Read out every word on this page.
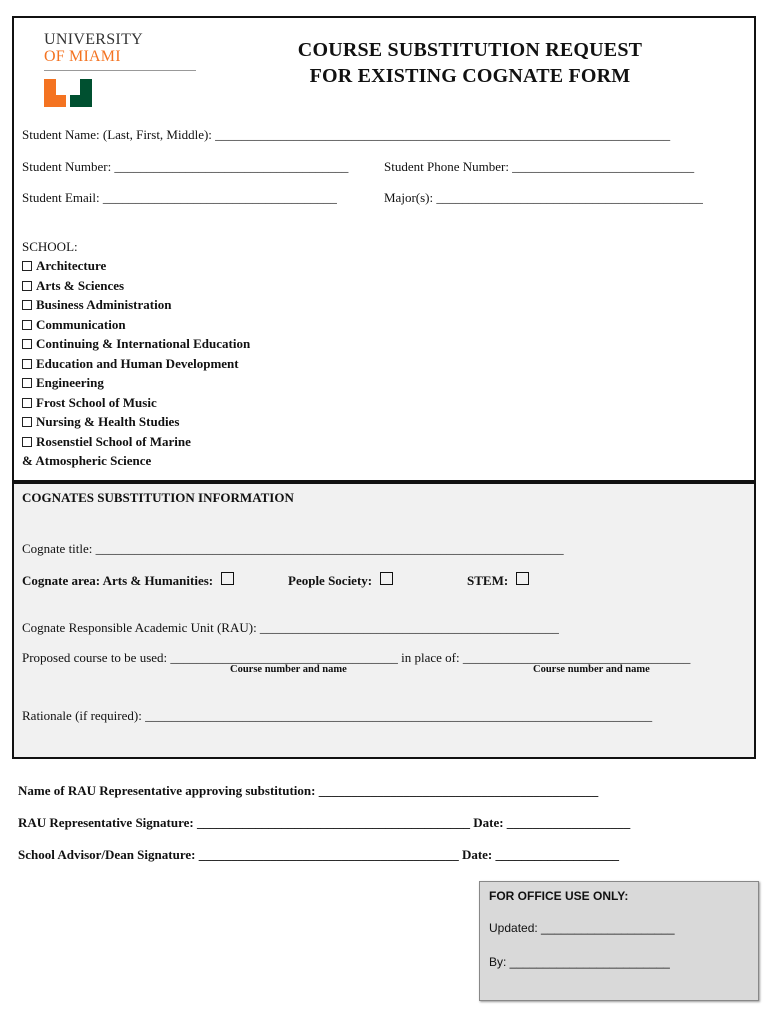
UNIVERSITY
OF MIAMI	COURSE SUBSTITUTION REQUEST
FOR EXISTING COGNATE FORM
Student Name: (Last, First, Middle): ______________________________________________________________________
Student Number: ____________________________________	Student Phone Number: ____________________________
Student Email: ____________________________________	Major(s): _________________________________________
SCHOOL:
Architecture
Arts & Sciences
Business Administration
Communication
Continuing & International Education
Education and Human Development
Engineering
Frost School of Music
Nursing & Health Studies
Rosenstiel School of Marine
& Atmospheric Science
COGNATES SUBSTITUTION INFORMATION
Cognate title: ________________________________________________________________________
Cognate area: Arts & Humanities:	People Society:	STEM:
Cognate Responsible Academic Unit (RAU): ______________________________________________
Proposed course to be used: ___________________________________ in place of: ___________________________________
Course number and name	Course number and name
Rationale (if required): ______________________________________________________________________________
Name of RAU Representative approving substitution: ___________________________________________
RAU Representative Signature: __________________________________________ Date: ___________________
School Advisor/Dean Signature: ________________________________________ Date: ___________________
FOR OFFICE USE ONLY:
Updated: ____________________
By: ________________________
